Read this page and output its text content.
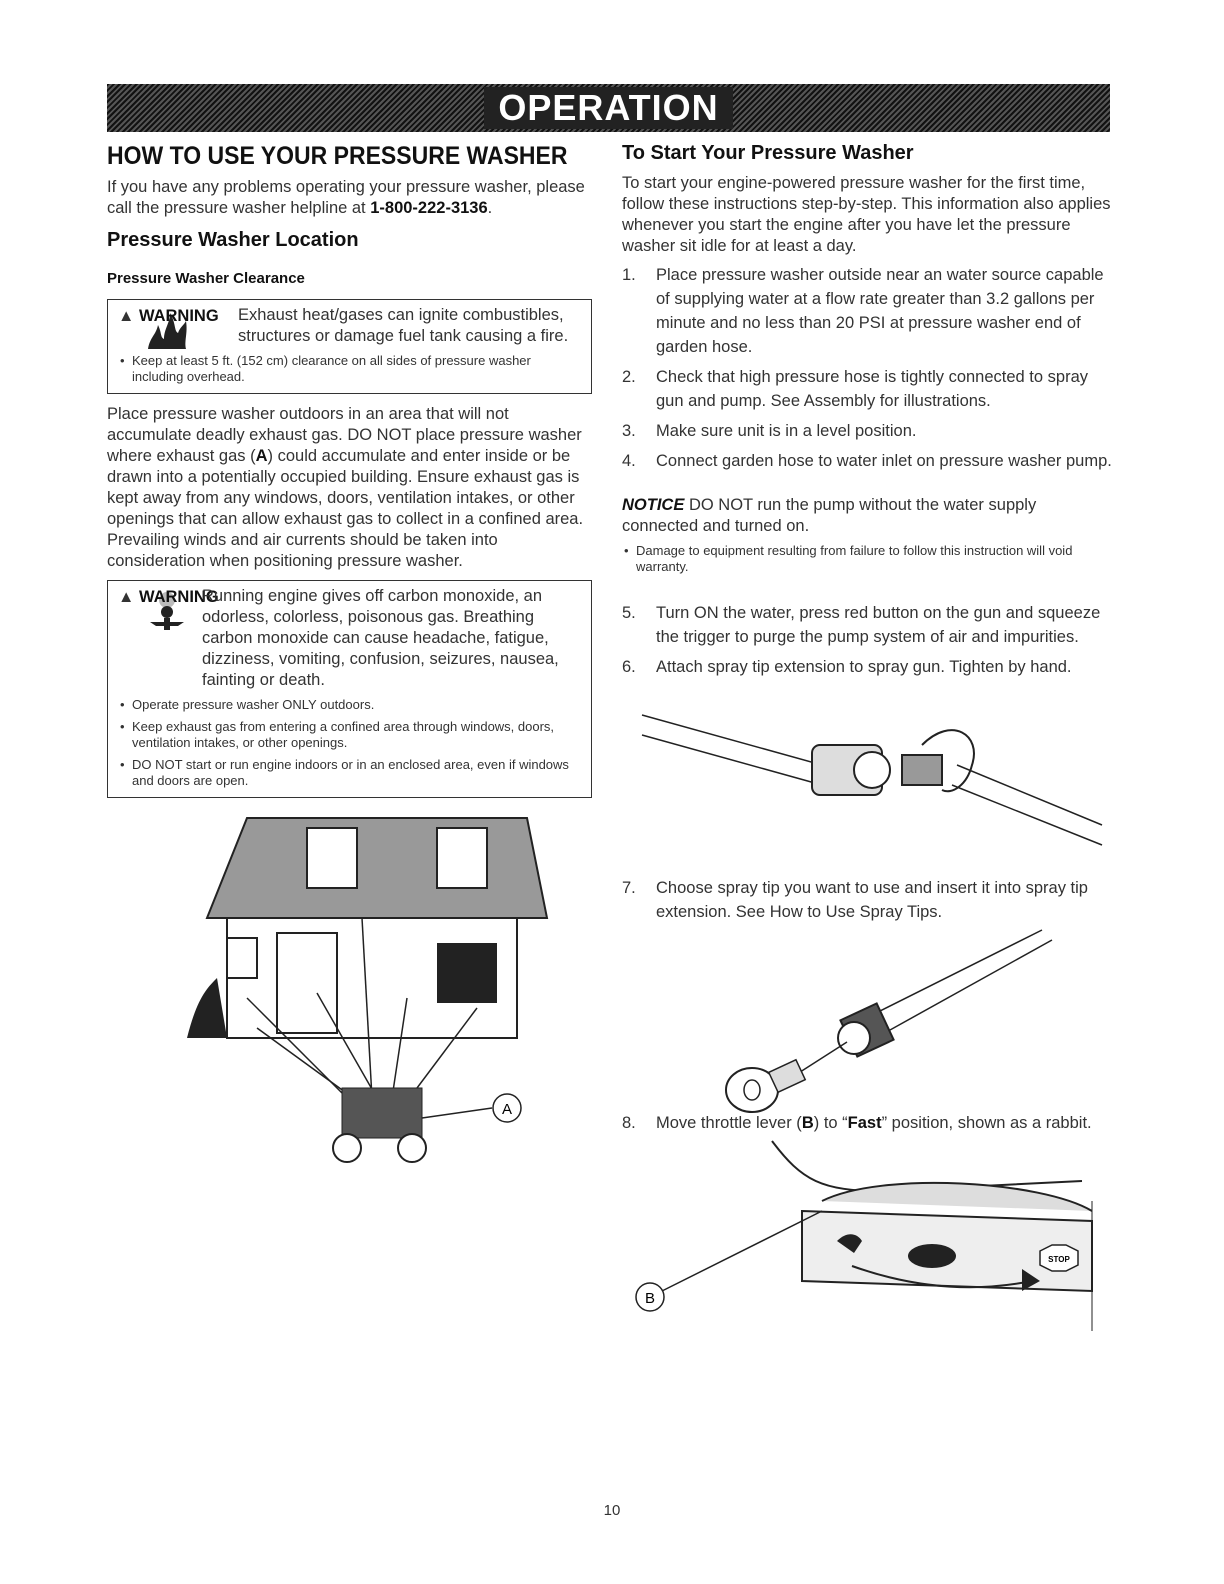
OPERATION
HOW TO USE YOUR PRESSURE WASHER

If you have any problems operating your pressure washer, please call the pressure washer helpline at 1-800-222-3136.

Pressure Washer Location
Pressure Washer Clearance
▲ WARNING	Exhaust heat/gases can ignite combustibles, structures or damage fuel tank causing a fire.
• Keep at least 5 ft. (152 cm) clearance on all sides of pressure washer including overhead.

Place pressure washer outdoors in an area that will not accumulate deadly exhaust gas. DO NOT place pressure washer where exhaust gas (A) could accumulate and enter inside or be drawn into a potentially occupied building. Ensure exhaust gas is kept away from any windows, doors, ventilation intakes, or other openings that can allow exhaust gas to collect in a confined area. Prevailing winds and air currents should be taken into consideration when positioning pressure washer.

▲ WARNING
Running engine gives off carbon monoxide, an odorless, colorless, poisonous gas. Breathing carbon monoxide can cause headache, fatigue, dizziness, vomiting, confusion, seizures, nausea, fainting or death.
• Operate pressure washer ONLY outdoors.
• Keep exhaust gas from entering a confined area through windows, doors, ventilation intakes, or other openings.
• DO NOT start or run engine indoors or in an enclosed area, even if windows and doors are open.
A
To Start Your Pressure Washer

To start your engine-powered pressure washer for the first time, follow these instructions step-by-step. This information also applies whenever you start the engine after you have let the pressure washer sit idle for at least a day.

1.	Place pressure washer outside near an water source capable of supplying water at a flow rate greater than 3.2 gallons per minute and no less than 20 PSI at pressure washer end of garden hose.
2.	Check that high pressure hose is tightly connected to spray gun and pump. See Assembly for illustrations.
3.	Make sure unit is in a level position.
4.	Connect garden hose to water inlet on pressure washer pump.
NOTICE DO NOT run the pump without the water supply connected and turned on.
• Damage to equipment resulting from failure to follow this instruction will void warranty.
5.	Turn ON the water, press red button on the gun and squeeze the trigger to purge the pump system of air and impurities.
6.	Attach spray tip extension to spray gun. Tighten by hand.
7.	Choose spray tip you want to use and insert it into spray tip extension. See How to Use Spray Tips.
8.	Move throttle lever (B) to “Fast” position, shown as a rabbit.
STOP
B
10
